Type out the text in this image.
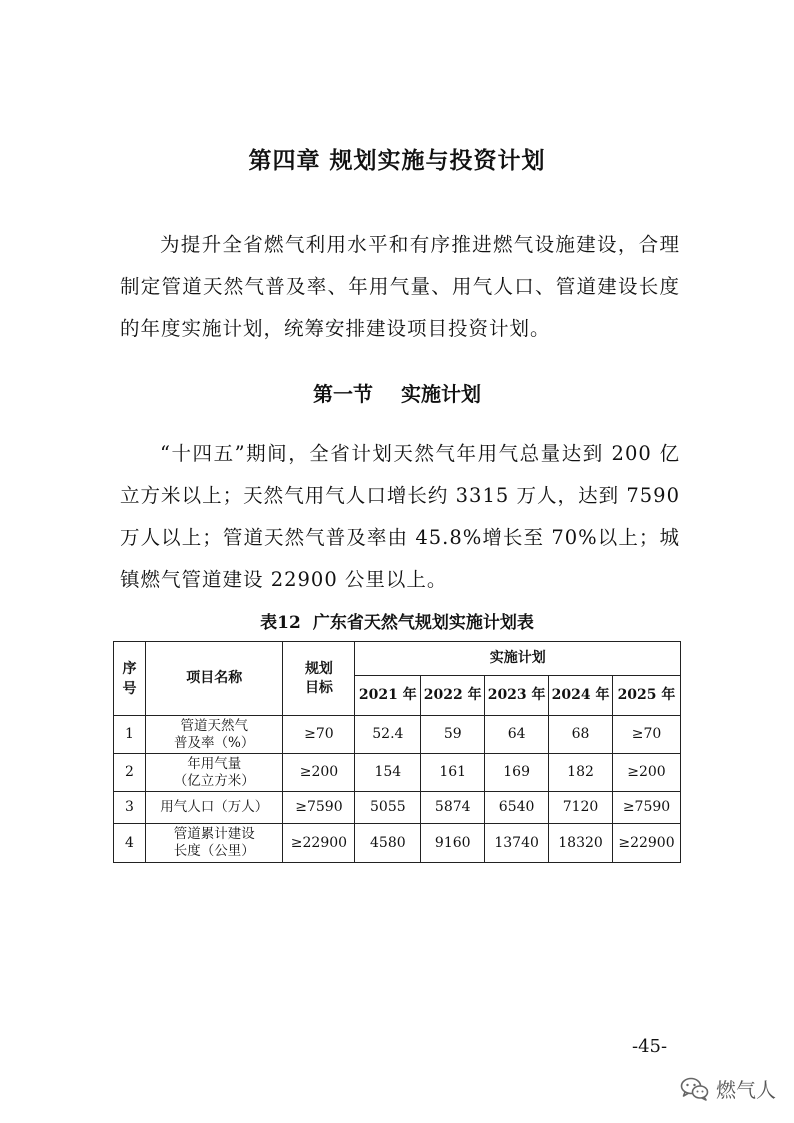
第四章 规划实施与投资计划
为提升全省燃气利用水平和有序推进燃气设施建设，合理制定管道天然气普及率、年用气量、用气人口、管道建设长度的年度实施计划，统筹安排建设项目投资计划。
第一节 实施计划
“十四五”期间，全省计划天然气年用气总量达到 200 亿立方米以上；天然气用气人口增长约 3315 万人，达到 7590 万人以上；管道天然气普及率由 45.8%增长至 70%以上；城镇燃气管道建设 22900 公里以上。
表12 广东省天然气规划实施计划表
序号	项目名称	规划目标	实施计划				
			2021 年	2022 年	2023 年	2024 年	2025 年
1	管道天然气
普及率（%）	≥70	52.4	59	64	68	≥70
2	年用气量
（亿立方米）	≥200	154	161	169	182	≥200
3	用气人口（万人）	≥7590	5055	5874	6540	7120	≥7590
4	管道累计建设
长度（公里）	≥22900	4580	9160	13740	18320	≥22900
-45-
燃气人
